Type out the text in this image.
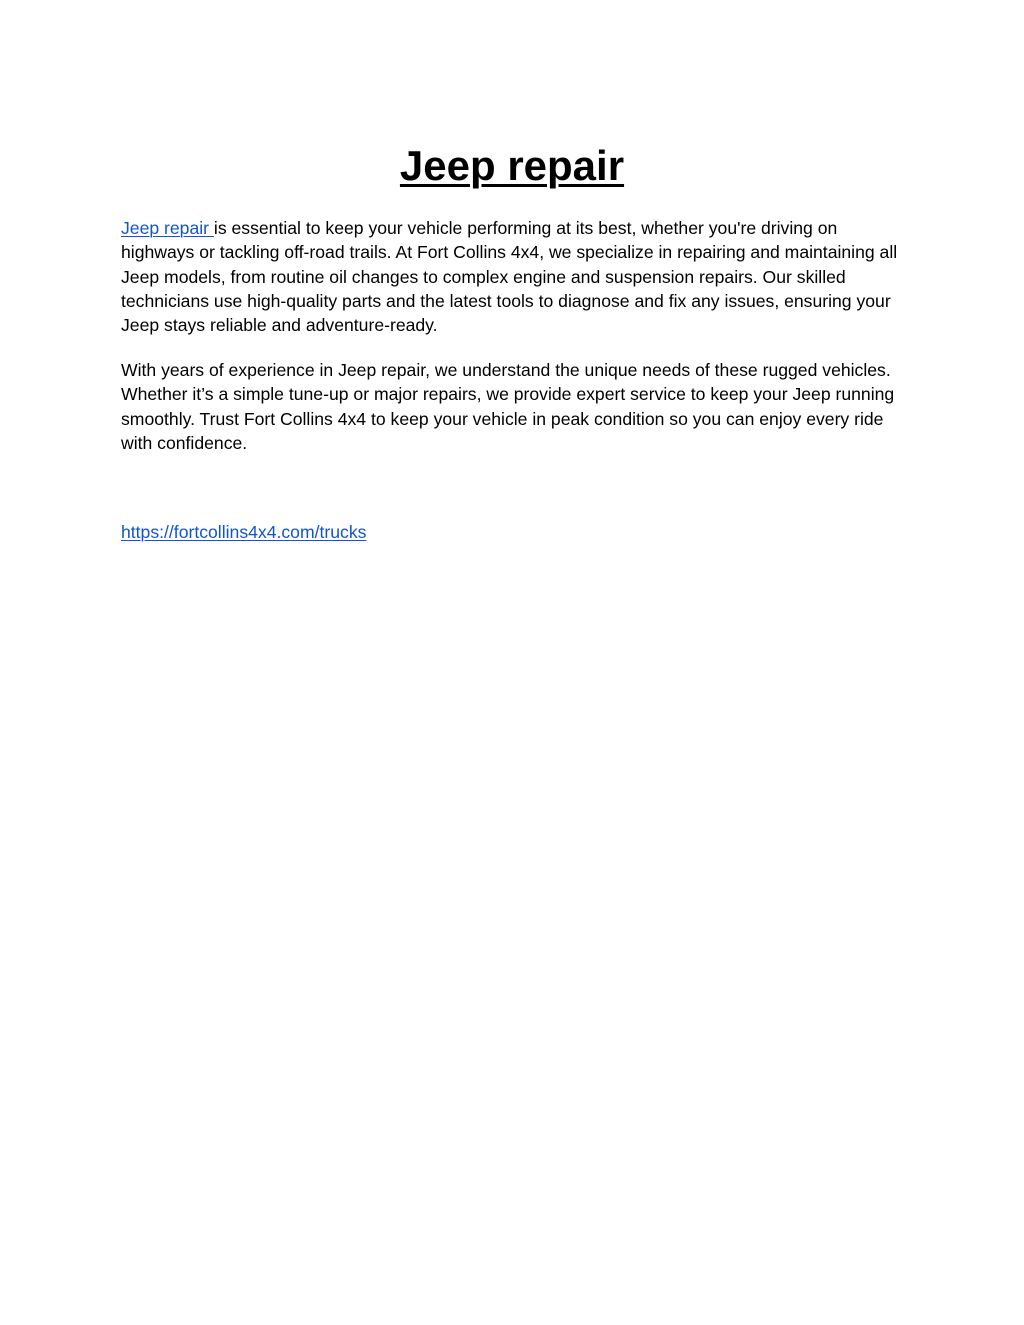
Jeep repair

Jeep repair is essential to keep your vehicle performing at its best, whether you're driving on highways or tackling off-road trails. At Fort Collins 4x4, we specialize in repairing and maintaining all Jeep models, from routine oil changes to complex engine and suspension repairs. Our skilled technicians use high-quality parts and the latest tools to diagnose and fix any issues, ensuring your Jeep stays reliable and adventure-ready.

With years of experience in Jeep repair, we understand the unique needs of these rugged vehicles. Whether it’s a simple tune-up or major repairs, we provide expert service to keep your Jeep running smoothly. Trust Fort Collins 4x4 to keep your vehicle in peak condition so you can enjoy every ride with confidence.

https://fortcollins4x4.com/trucks
